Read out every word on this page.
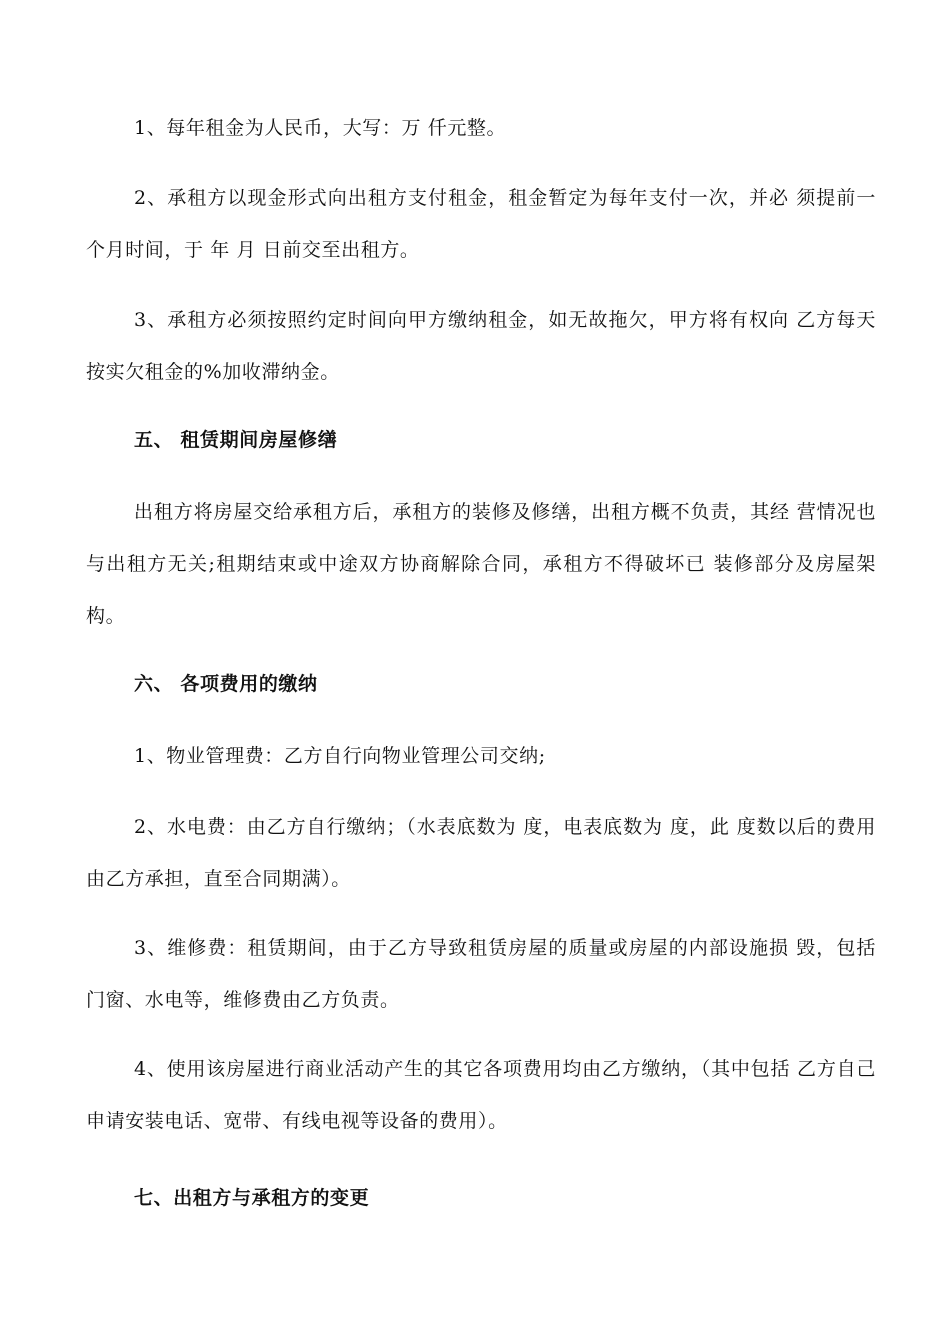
1、每年租金为人民币，大写：万 仟元整。

2、承租方以现金形式向出租方支付租金，租金暂定为每年支付一次，并必 须提前一个月时间，于 年 月 日前交至出租方。

3、承租方必须按照约定时间向甲方缴纳租金，如无故拖欠，甲方将有权向 乙方每天按实欠租金的%加收滞纳金。

五、 租赁期间房屋修缮

出租方将房屋交给承租方后，承租方的装修及修缮，出租方概不负责，其经 营情况也与出租方无关;租期结束或中途双方协商解除合同，承租方不得破坏已 装修部分及房屋架构。

六、 各项费用的缴纳

1、物业管理费：乙方自行向物业管理公司交纳;

2、水电费：由乙方自行缴纳；（水表底数为 度，电表底数为 度，此 度数以后的费用由乙方承担，直至合同期满）。

3、维修费：租赁期间，由于乙方导致租赁房屋的质量或房屋的内部设施损 毁，包括门窗、水电等，维修费由乙方负责。

4、使用该房屋进行商业活动产生的其它各项费用均由乙方缴纳，（其中包括 乙方自己申请安装电话、宽带、有线电视等设备的费用）。

七、出租方与承租方的变更
